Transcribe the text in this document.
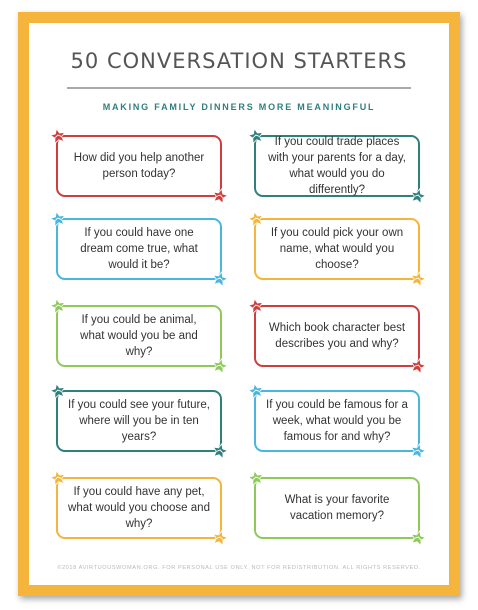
50 CONVERSATION STARTERS
MAKING FAMILY DINNERS MORE MEANINGFUL
How did you help another person today?
If you could trade places with your parents for a day, what would you do differently?
If you could have one dream come true, what would it be?
If you could pick your own name, what would you choose?
If you could be animal, what would you be and why?
Which book character best describes you and why?
If you could see your future, where will you be in ten years?
If you could be famous for a week, what would you be famous for and why?
If you could have any pet, what would you choose and why?
What is your favorite vacation memory?
©2018 AVIRTUOUSWOMAN.ORG. FOR PERSONAL USE ONLY. NOT FOR REDISTRIBUTION. ALL RIGHTS RESERVED.
